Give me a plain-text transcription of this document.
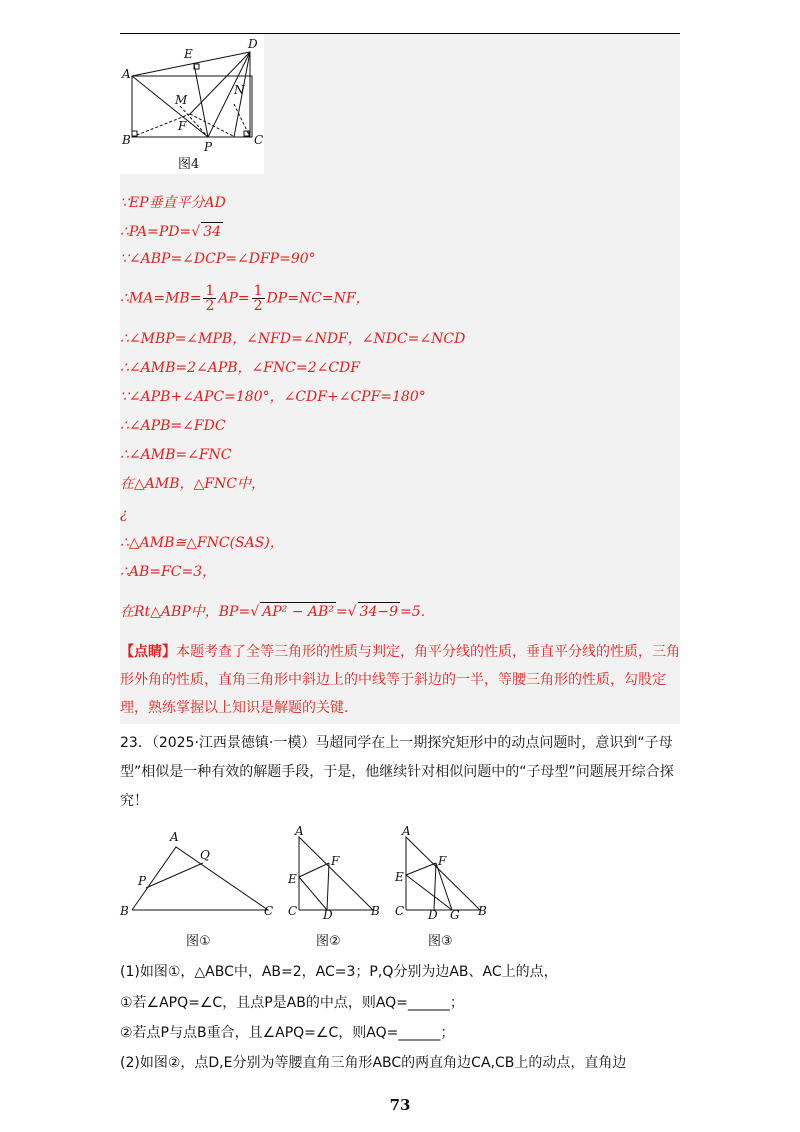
A
B	C
D
E
M
F
N
P
图4
∵EP垂直平分AD
∴PA=PD=√ 34
∵∠ABP=∠DCP=∠DFP=90°
∴MA=MB= $\frac{1}{2} AP= \frac{1}{2} DP=NC=NF$，
∴∠MBP=∠MPB，∠NFD=∠NDF，∠NDC=∠NCD
∴∠AMB=2∠APB，∠FNC=2∠CDF
∵∠APB+∠APC=180°，∠CDF+∠CPF=180°
∴∠APB=∠FDC
∴∠AMB=∠FNC
在△AMB，△FNC中，
¿
∴△AMB≅△FNC(SAS)，
∴AB=FC=3，
在Rt△ABP中，BP=√ AP² − AB² =√ 34−9 =5．
【点睛】本题考查了全等三角形的性质与判定，角平分线的性质，垂直平分线的性质，三角形外角的性质，直角三角形中斜边上的中线等于斜边的一半，等腰三角形的性质，勾股定理，熟练掌握以上知识是解题的关键．
23．（2025·江西景德镇·一模）马超同学在上一期探究矩形中的动点问题时，意识到“子母型”相似是一种有效的解题手段，于是，他继续针对相似问题中的“子母型”问题展开综合探究！
B
A
C
P
Q
图①
A
E
F
C D	B
图②
A
E
F
C D G B
图③
(1)如图①，△ABC中，AB=2，AC=3；P,Q分别为边AB、AC上的点，
①若∠APQ=∠C，且点P是AB的中点，则AQ=______；
②若点P与点B重合，且∠APQ=∠C，则AQ=______；
(2)如图②，点D,E分别为等腰直角三角形ABC的两直角边CA,CB上的动点，直角边
73
